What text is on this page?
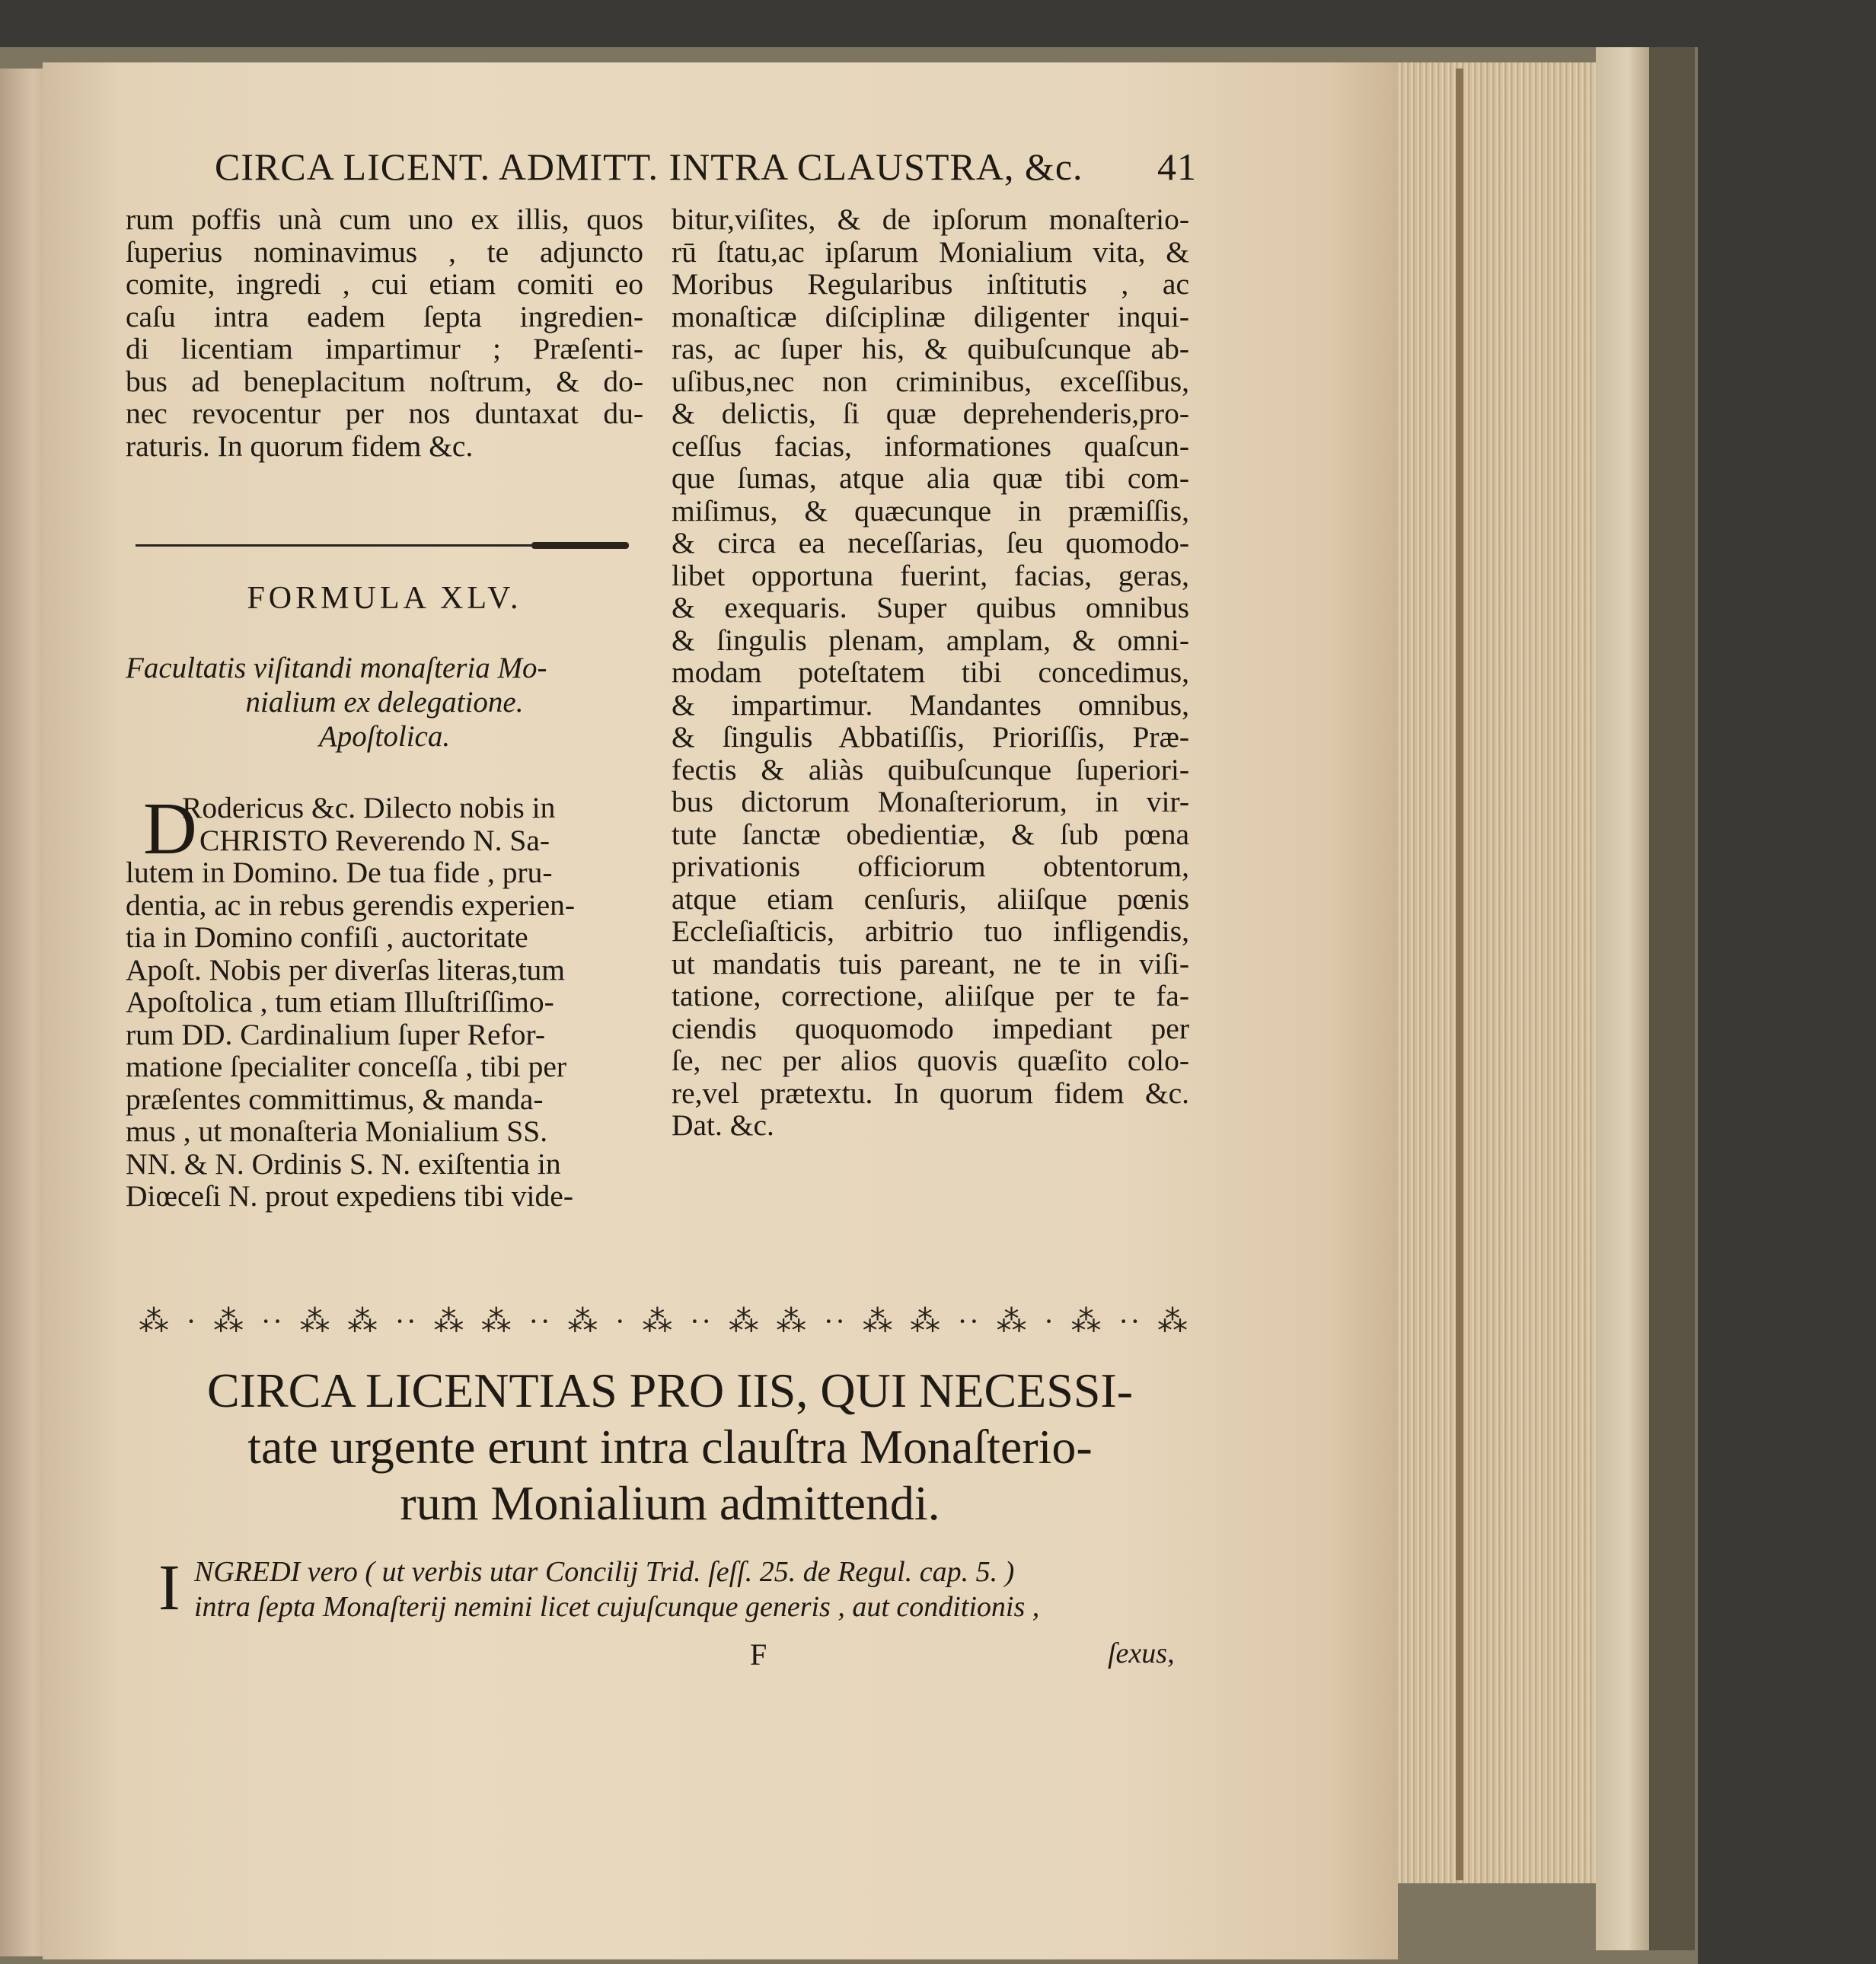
CIRCA LICENT. ADMITT. INTRA CLAUSTRA, &c. 41
rum poffis unà cum uno ex illis, quos
ſuperius nominavimus , te adjuncto
comite, ingredi , cui etiam comiti eo
caſu intra eadem ſepta ingredien-
di licentiam impartimur ; Præſenti-
bus ad beneplacitum noſtrum, & do-
nec revocentur per nos duntaxat du-
raturis. In quorum fidem &c.
FORMULA XLV.
Facultatis viſitandi monaſteria Mo-
nialium ex delegatione.
Apoſtolica.
D
Rodericus &c. Dilecto nobis in
· CHRISTO Reverendo N. Sa-
lutem in Domino. De tua fide , pru-
dentia, ac in rebus gerendis experien-
tia in Domino confiſi , auctoritate
Apoſt. Nobis per diverſas literas,tum
Apoſtolica , tum etiam Illuſtriſſimo-
rum DD. Cardinalium ſuper Refor-
matione ſpecialiter conceſſa , tibi per
præſentes committimus, & manda-
mus , ut monaſteria Monialium SS.
NN. & N. Ordinis S. N. exiſtentia in
Diœceſi N. prout expediens tibi vide-
bitur,viſites, & de ipſorum monaſterio-
rū ſtatu,ac ipſarum Monialium vita, &
Moribus Regularibus inſtitutis , ac
monaſticæ diſciplinæ diligenter inqui-
ras, ac ſuper his, & quibuſcunque ab-
uſibus,nec non criminibus, exceſſibus,
& delictis, ſi quæ deprehenderis,pro-
ceſſus facias, informationes quaſcun-
que ſumas, atque alia quæ tibi com-
miſimus, & quæcunque in præmiſſis,
& circa ea neceſſarias, ſeu quomodo-
libet opportuna fuerint, facias, geras,
& exequaris. Super quibus omnibus
& ſingulis plenam, amplam, & omni-
modam poteſtatem tibi concedimus,
& impartimur. Mandantes omnibus,
& ſingulis Abbatiſſis, Prioriſſis, Præ-
fectis & aliàs quibuſcunque ſuperiori-
bus dictorum Monaſteriorum, in vir-
tute ſanctæ obedientiæ, & ſub pœna
privationis officiorum obtentorum,
atque etiam cenſuris, aliiſque pœnis
Eccleſiaſticis, arbitrio tuo infligendis,
ut mandatis tuis pareant, ne te in viſi-
tatione, correctione, aliiſque per te fa-
ciendis quoquomodo impediant per
ſe, nec per alios quovis quæſito colo-
re,vel prætextu. In quorum fidem &c.
Dat. &c.
⁂·⁂··⁂⁂··⁂⁂··⁂·⁂··⁂⁂··⁂⁂··⁂·⁂··⁂
CIRCA LICENTIAS PRO IIS, QUI NECESSI-
tate urgente erunt intra clauſtra Monaſterio-
rum Monialium admittendi.
I NGREDI vero ( ut verbis utar Concilij Trid. ſeſſ. 25. de Regul. cap. 5. )
intra ſepta Monaſterij nemini licet cujuſcunque generis , aut conditionis ,
F	ſexus,
